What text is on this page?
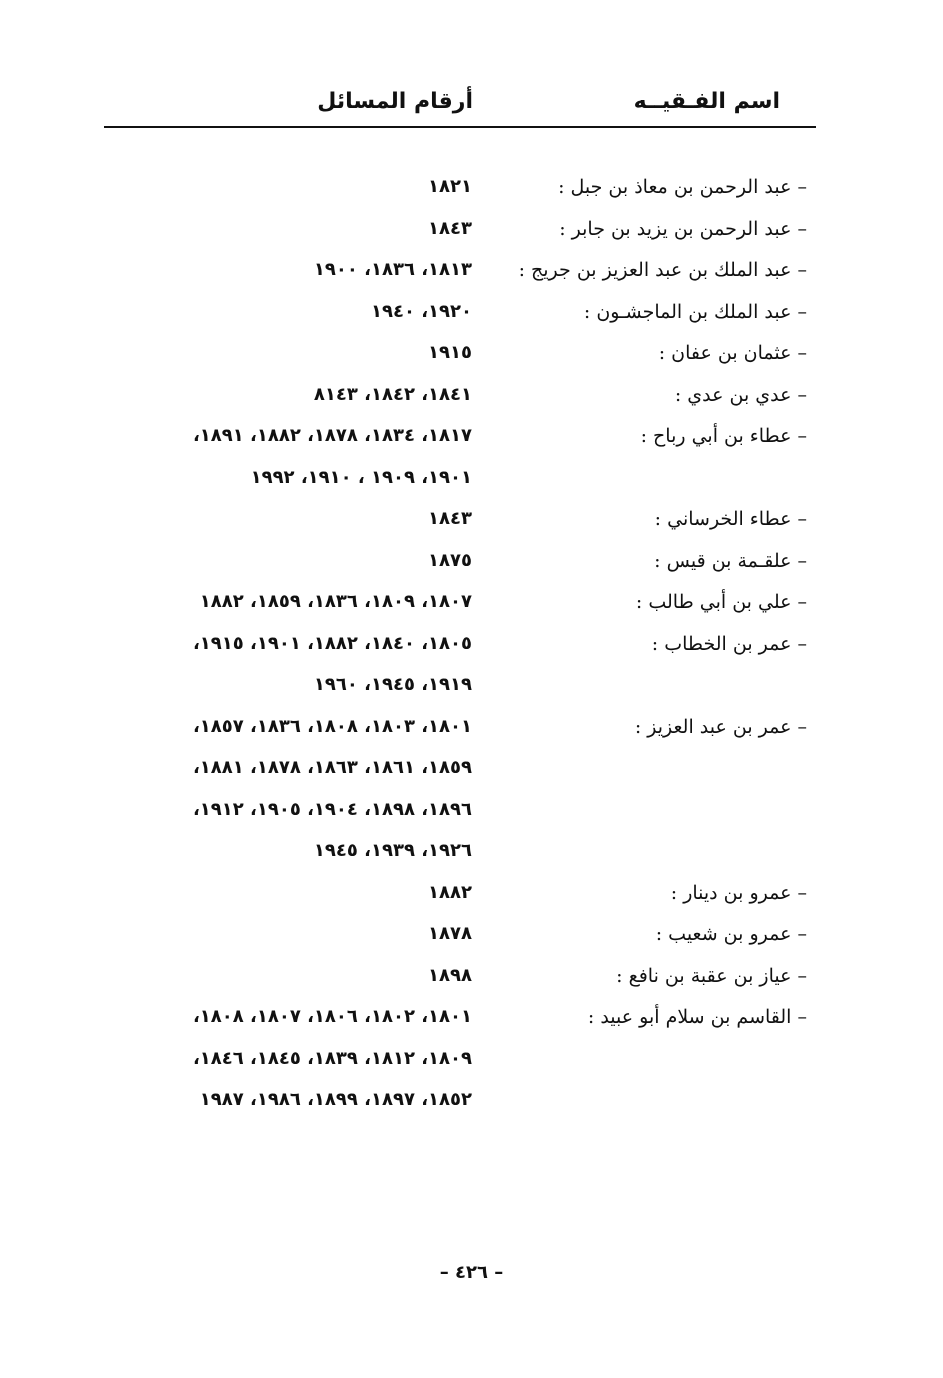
اسم الفـقيــه
أرقام المسائل
– عبد الرحمن بن معاذ بن جبل :
١٨٢١
– عبد الرحمن بن يزيد بن جابر :
١٨٤٣
– عبد الملك بن عبد العزيز بن جريج :
١٨١٣، ١٨٣٦، ١٩٠٠
– عبد الملك بن الماجشـون :
١٩٢٠، ١٩٤٠
– عثمان بن عفان :
١٩١٥
– عدي بن عدي :
١٨٤١، ١٨٤٢، ٨١٤٣
– عطاء بن أبي رباح :
١٨١٧، ١٨٣٤، ١٨٧٨، ١٨٨٢، ١٨٩١،
١٩٠١، ١٩٠٩ ، ١٩١٠، ١٩٩٢
– عطاء الخرساني :
١٨٤٣
– علقـمة بن قيس :
١٨٧٥
– علي بن أبي طالب :
١٨٠٧، ١٨٠٩، ١٨٣٦، ١٨٥٩، ١٨٨٢
– عمر بن الخطاب :
١٨٠٥، ١٨٤٠، ١٨٨٢، ١٩٠١، ١٩١٥،
١٩١٩، ١٩٤٥، ١٩٦٠
– عمر بن عبد العزيز :
١٨٠١، ١٨٠٣، ١٨٠٨، ١٨٣٦، ١٨٥٧،
١٨٥٩، ١٨٦١، ١٨٦٣، ١٨٧٨، ١٨٨١،
١٨٩٦، ١٨٩٨، ١٩٠٤، ١٩٠٥، ١٩١٢،
١٩٢٦، ١٩٣٩، ١٩٤٥
– عمرو بن دينار :
١٨٨٢
– عمرو بن شعيب :
١٨٧٨
– عياز بن عقبة بن نافع :
١٨٩٨
– القاسم بن سلام أبو عبيد :
١٨٠١، ١٨٠٢، ١٨٠٦، ١٨٠٧، ١٨٠٨،
١٨٠٩، ١٨١٢، ١٨٣٩، ١٨٤٥، ١٨٤٦،
١٨٥٢، ١٨٩٧، ١٨٩٩، ١٩٨٦، ١٩٨٧
– ٤٢٦ –
